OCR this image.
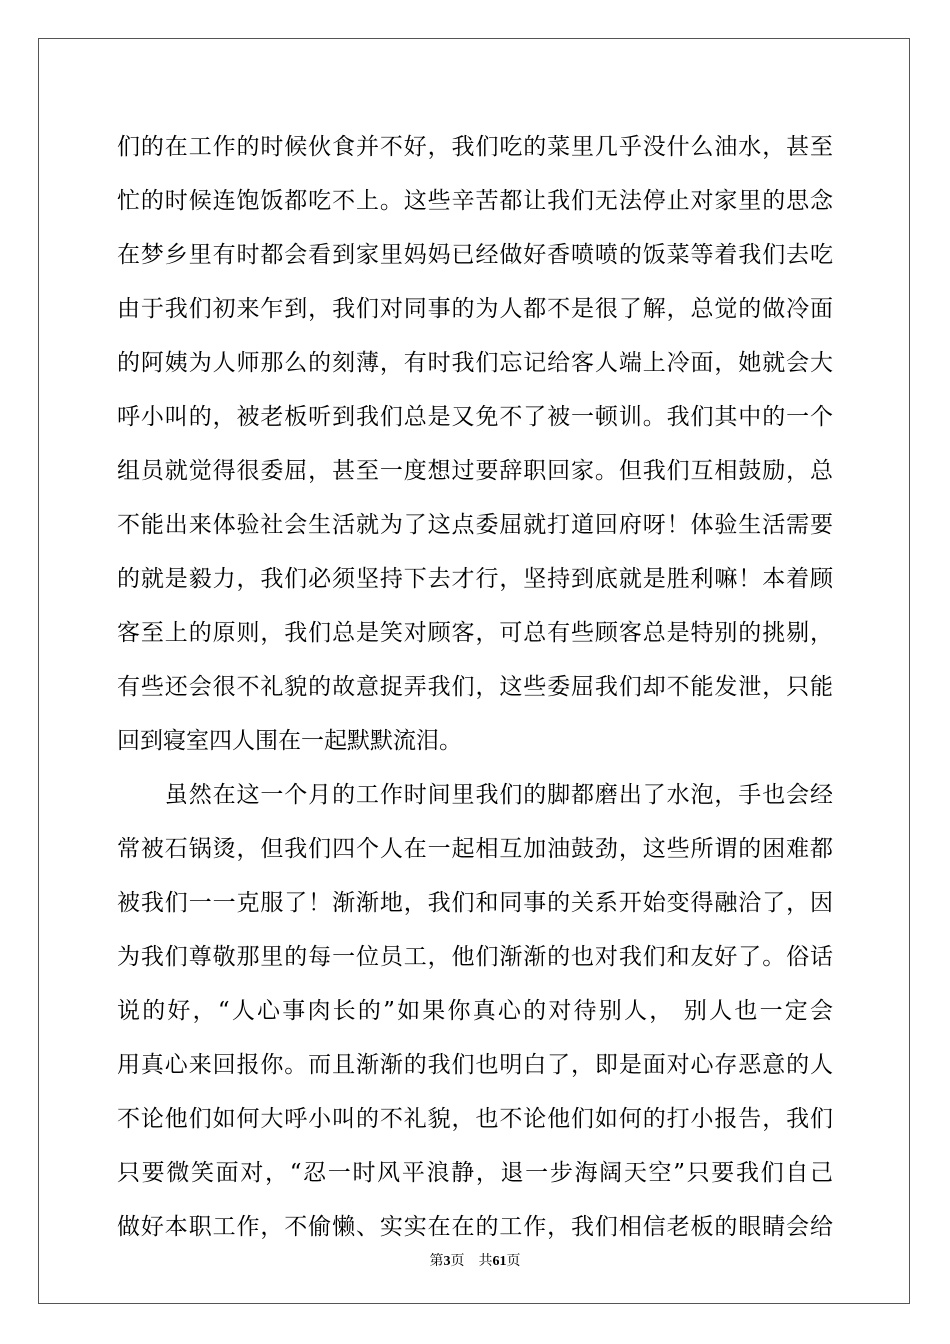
们的在工作的时候伙食并不好，我们吃的菜里几乎没什么油水，甚至
忙的时候连饱饭都吃不上。这些辛苦都让我们无法停止对家里的思念
在梦乡里有时都会看到家里妈妈已经做好香喷喷的饭菜等着我们去吃
由于我们初来乍到，我们对同事的为人都不是很了解，总觉的做冷面
的阿姨为人师那么的刻薄，有时我们忘记给客人端上冷面，她就会大
呼小叫的，被老板听到我们总是又免不了被一顿训。我们其中的一个
组员就觉得很委屈，甚至一度想过要辞职回家。但我们互相鼓励，总
不能出来体验社会生活就为了这点委屈就打道回府呀！体验生活需要
的就是毅力，我们必须坚持下去才行，坚持到底就是胜利嘛！本着顾
客至上的原则，我们总是笑对顾客，可总有些顾客总是特别的挑剔，
有些还会很不礼貌的故意捉弄我们，这些委屈我们却不能发泄，只能
回到寝室四人围在一起默默流泪。
　　虽然在这一个月的工作时间里我们的脚都磨出了水泡，手也会经
常被石锅烫，但我们四个人在一起相互加油鼓劲，这些所谓的困难都
被我们一一克服了！渐渐地，我们和同事的关系开始变得融洽了，因
为我们尊敬那里的每一位员工，他们渐渐的也对我们和友好了。俗话
说的好，“人心事肉长的”如果你真心的对待别人， 别人也一定会
用真心来回报你。而且渐渐的我们也明白了，即是面对心存恶意的人
不论他们如何大呼小叫的不礼貌，也不论他们如何的打小报告，我们
只要微笑面对，“忍一时风平浪静，退一步海阔天空”只要我们自己
做好本职工作，不偷懒、实实在在的工作，我们相信老板的眼睛会给
第3页 共61页
